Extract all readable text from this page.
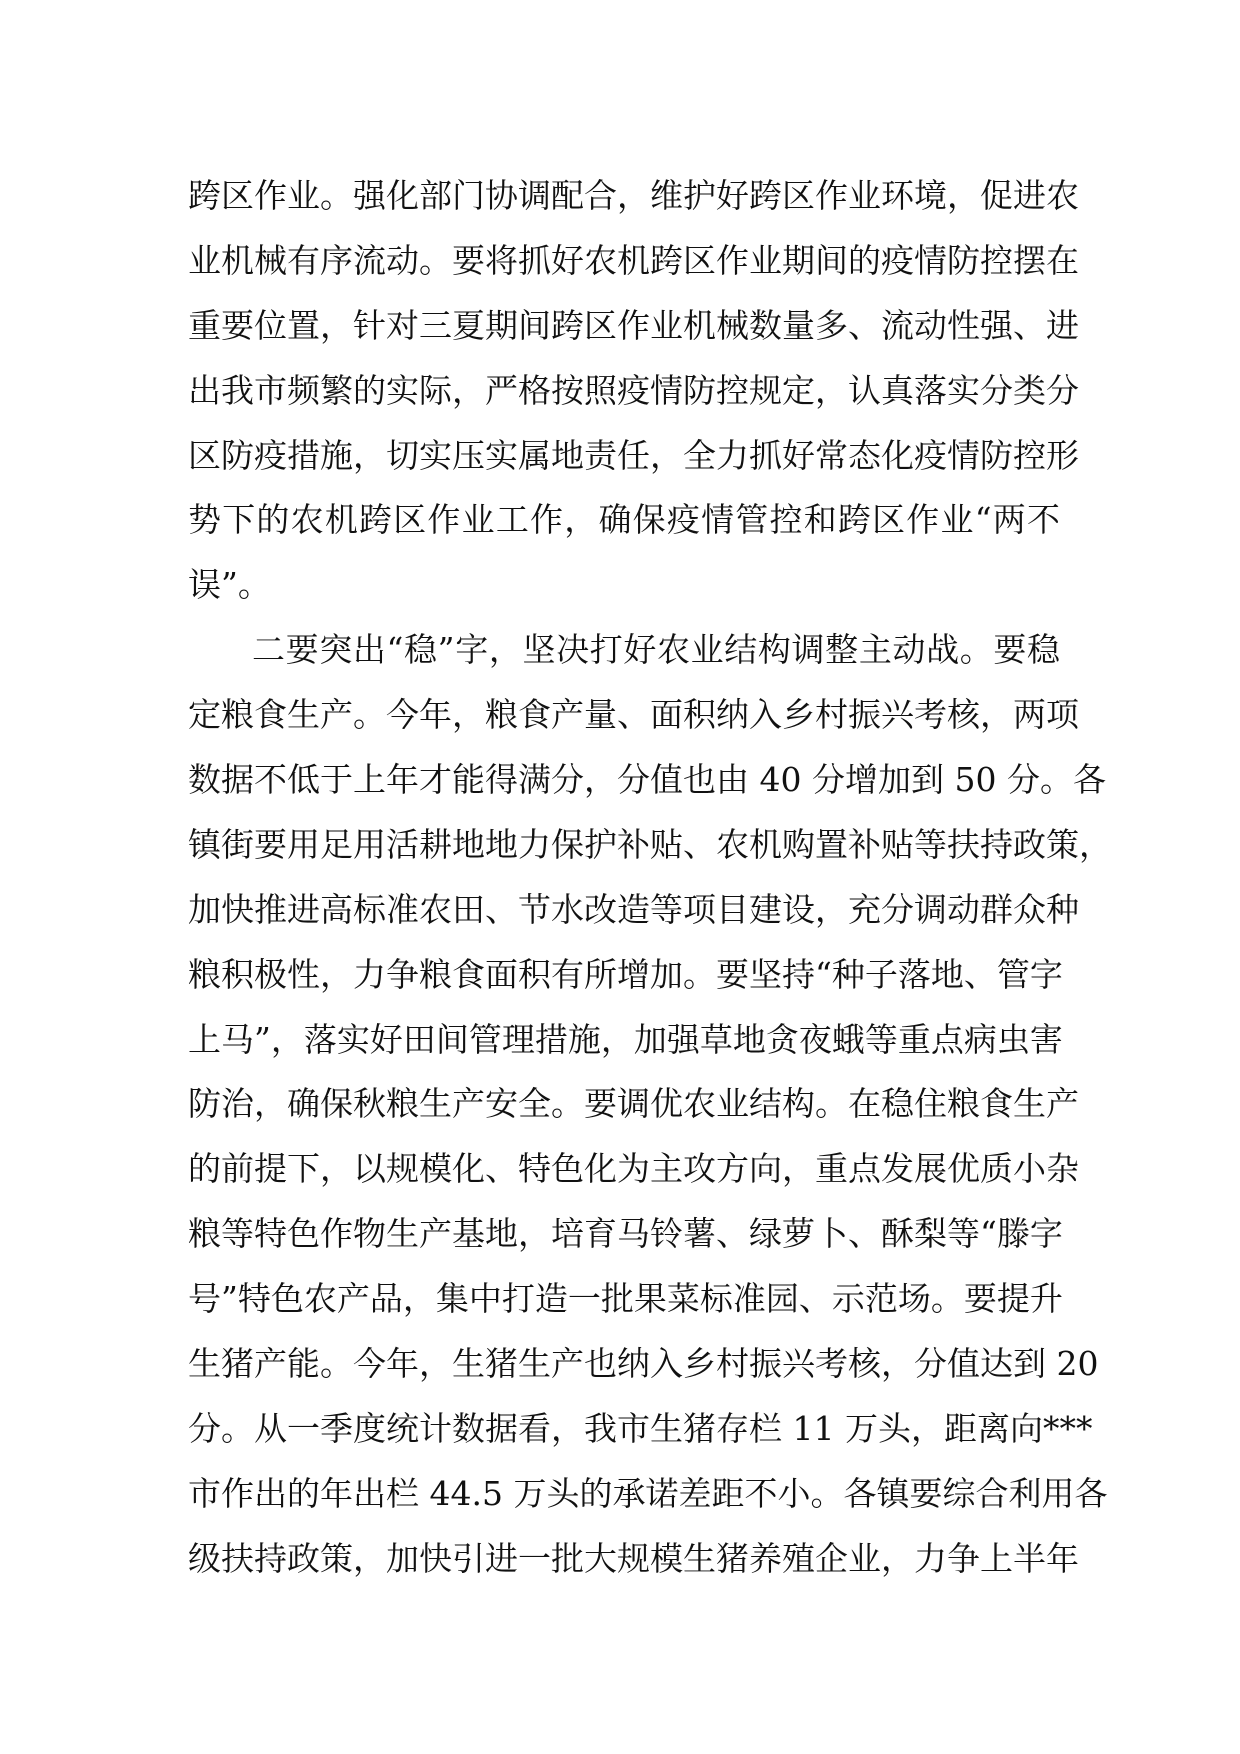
跨区作业。强化部门协调配合，维护好跨区作业环境，促进农
业机械有序流动。要将抓好农机跨区作业期间的疫情防控摆在
重要位置，针对三夏期间跨区作业机械数量多、流动性强、进
出我市频繁的实际，严格按照疫情防控规定，认真落实分类分
区防疫措施，切实压实属地责任，全力抓好常态化疫情防控形
势下的农机跨区作业工作，确保疫情管控和跨区作业“两不
误”。
二要突出“稳”字，坚决打好农业结构调整主动战。要稳
定粮食生产。今年，粮食产量、面积纳入乡村振兴考核，两项
数据不低于上年才能得满分，分值也由 40 分增加到 50 分。各
镇街要用足用活耕地地力保护补贴、农机购置补贴等扶持政策，
加快推进高标准农田、节水改造等项目建设，充分调动群众种
粮积极性，力争粮食面积有所增加。要坚持“种子落地、管字
上马”，落实好田间管理措施，加强草地贪夜蛾等重点病虫害
防治，确保秋粮生产安全。要调优农业结构。在稳住粮食生产
的前提下，以规模化、特色化为主攻方向，重点发展优质小杂
粮等特色作物生产基地，培育马铃薯、绿萝卜、酥梨等“滕字
号”特色农产品，集中打造一批果菜标准园、示范场。要提升
生猪产能。今年，生猪生产也纳入乡村振兴考核，分值达到 20
分。从一季度统计数据看，我市生猪存栏 11 万头，距离向***
市作出的年出栏 44.5 万头的承诺差距不小。各镇要综合利用各
级扶持政策，加快引进一批大规模生猪养殖企业，力争上半年
